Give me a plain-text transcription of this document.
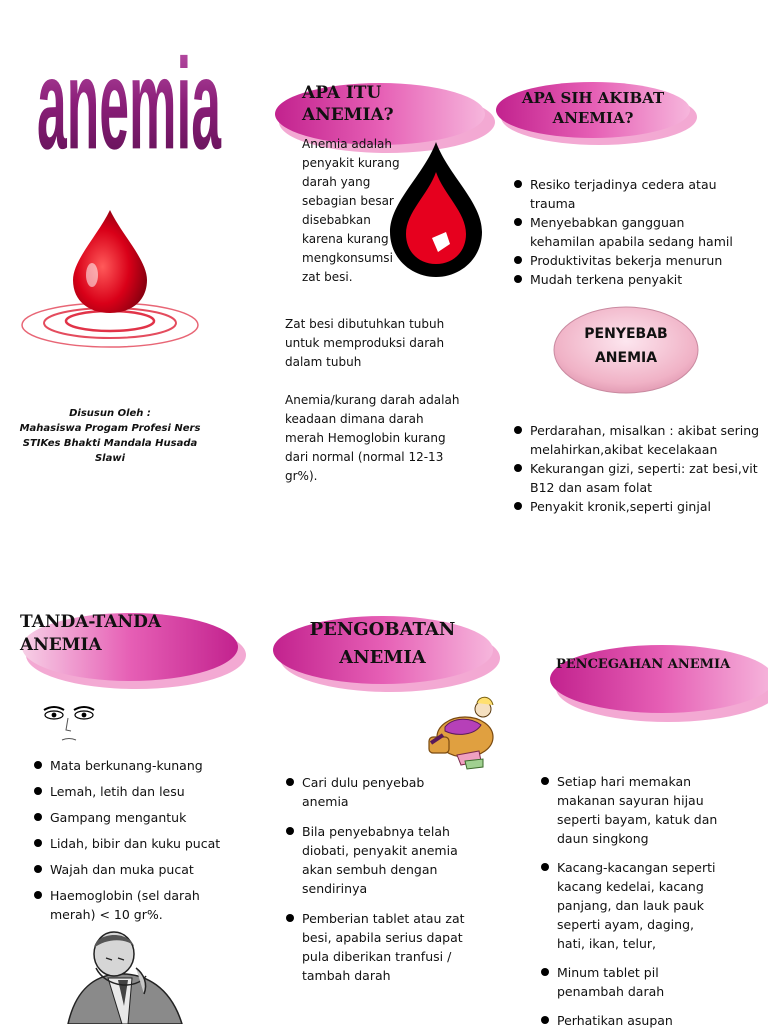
anemia
Disusun Oleh :
Mahasiswa Progam Profesi Ners
STIKes Bhakti Mandala Husada
Slawi
APA ITU
ANEMIA?
Anemia adalah
penyakit kurang
darah yang
sebagian besar
disebabkan
karena kurang
mengkonsumsi
zat besi.
Zat besi dibutuhkan tubuh untuk memproduksi darah dalam tubuh
Anemia/kurang darah adalah keadaan dimana darah merah Hemoglobin kurang dari normal (normal 12-13 gr%).
APA SIH AKIBAT
ANEMIA?
Resiko terjadinya cedera atau trauma
Menyebabkan gangguan kehamilan apabila sedang hamil
Produktivitas bekerja menurun
Mudah terkena penyakit
PENYEBAB
ANEMIA
Perdarahan, misalkan : akibat sering melahirkan,akibat kecelakaan
Kekurangan gizi, seperti: zat besi,vit B12 dan asam folat
Penyakit kronik,seperti ginjal
TANDA-TANDA
ANEMIA
Mata berkunang-kunang
Lemah, letih dan lesu
Gampang mengantuk
Lidah, bibir dan kuku pucat
Wajah dan muka pucat
Haemoglobin (sel darah merah) < 10 gr%.
PENGOBATAN
ANEMIA
Cari dulu penyebab anemia
Bila penyebabnya telah diobati, penyakit anemia akan sembuh dengan sendirinya
Pemberian tablet atau zat besi, apabila serius dapat pula diberikan tranfusi / tambah darah
PENCEGAHAN ANEMIA
Setiap hari memakan makanan sayuran hijau seperti bayam, katuk dan daun singkong
Kacang-kacangan seperti kacang kedelai, kacang panjang, dan lauk pauk seperti ayam, daging, hati, ikan, telur,
Minum tablet pil penambah darah
Perhatikan asupan
